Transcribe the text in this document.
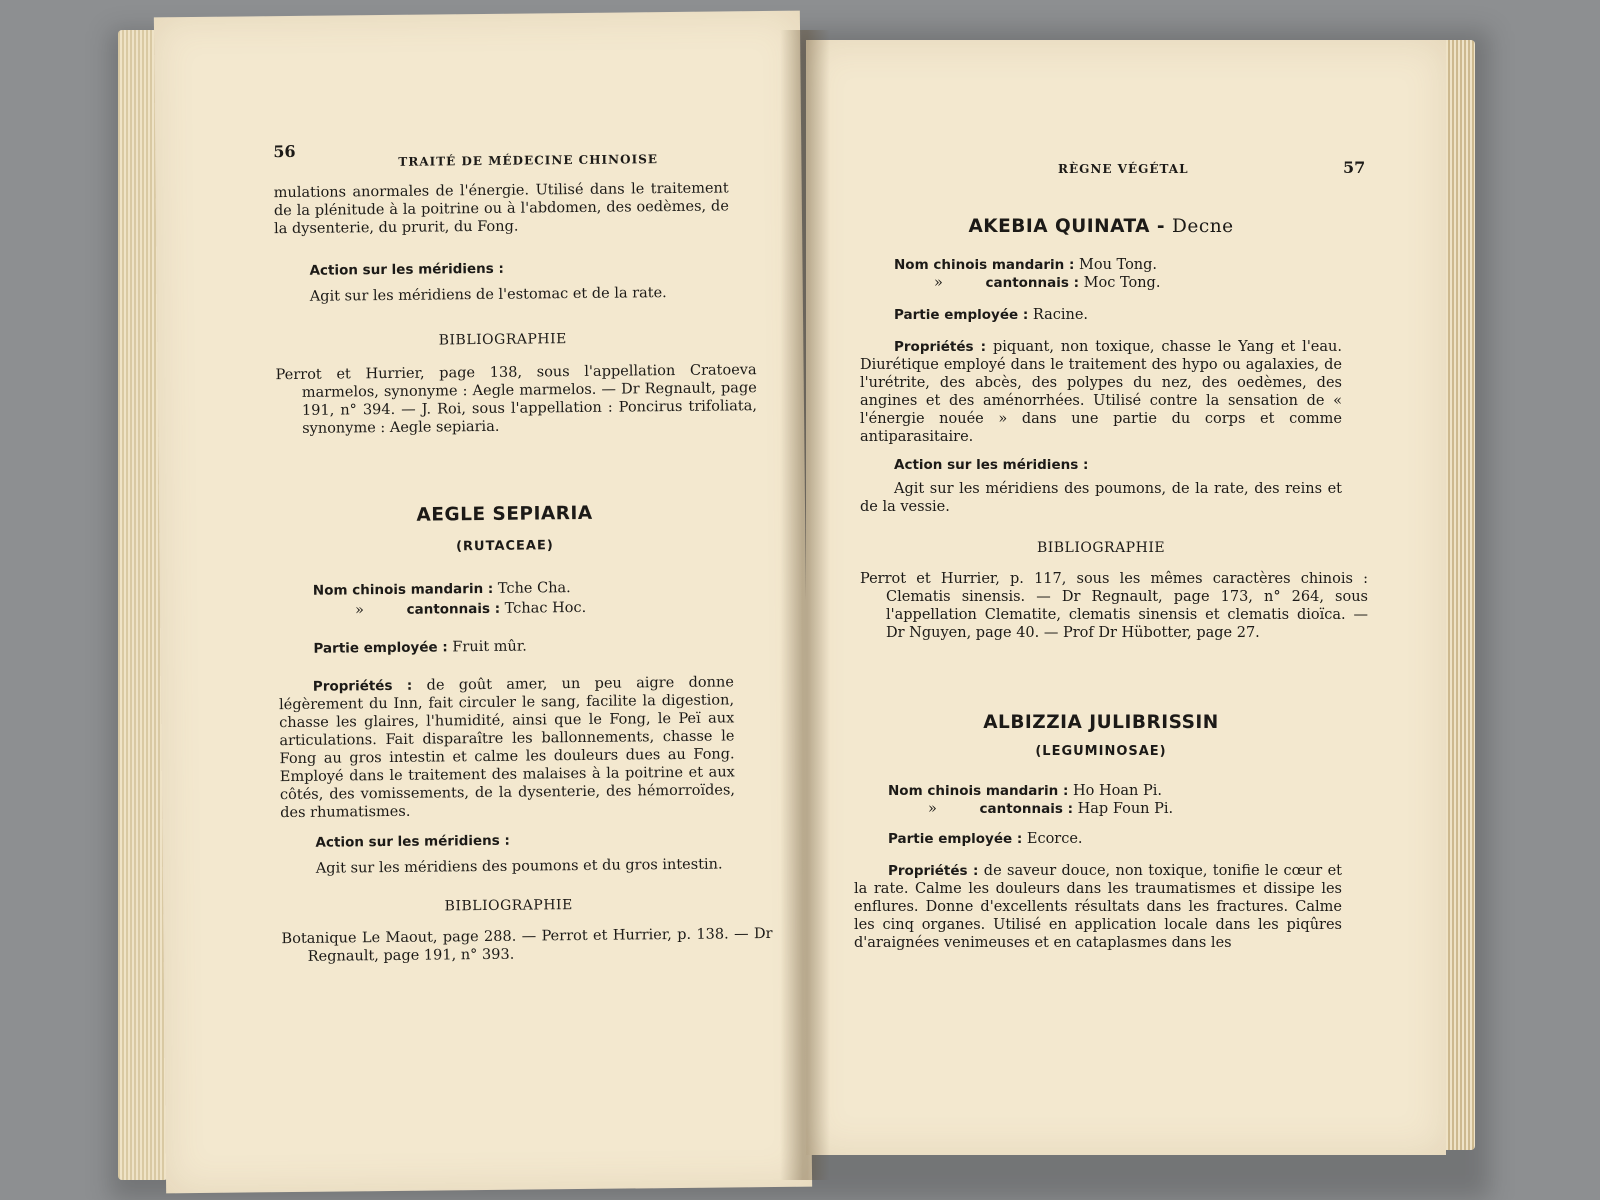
56	TRAITÉ DE MÉDECINE CHINOISE
mulations anormales de l'énergie. Utilisé dans le traitement de la plénitude à la poitrine ou à l'abdomen, des oedèmes, de la dysenterie, du prurit, du Fong.
Action sur les méridiens :
Agit sur les méridiens de l'estomac et de la rate.
BIBLIOGRAPHIE
Perrot et Hurrier, page 138, sous l'appellation Cratoeva marmelos, synonyme : Aegle marmelos. — Dr Regnault, page 191, n° 394. — J. Roi, sous l'appellation : Poncirus trifoliata, synonyme : Aegle sepiaria.
AEGLE SEPIARIA
(RUTACEAE)
Nom chinois mandarin : Tche Cha.
»	cantonnais : Tchac Hoc.
Partie employée : Fruit mûr.
Propriétés : de goût amer, un peu aigre donne légèrement du Inn, fait circuler le sang, facilite la digestion, chasse les glaires, l'humidité, ainsi que le Fong, le Peï aux articulations. Fait disparaître les ballonnements, chasse le Fong au gros intestin et calme les douleurs dues au Fong. Employé dans le traitement des malaises à la poitrine et aux côtés, des vomissements, de la dysenterie, des hémorroïdes, des rhumatismes.
Action sur les méridiens :
Agit sur les méridiens des poumons et du gros intestin.
BIBLIOGRAPHIE
Botanique Le Maout, page 288. — Perrot et Hurrier, p. 138. — Dr Regnault, page 191, n° 393.
RÈGNE VÉGÉTAL	57
AKEBIA QUINATA - Decne
Nom chinois mandarin : Mou Tong.
»	cantonnais : Moc Tong.
Partie employée : Racine.
Propriétés : piquant, non toxique, chasse le Yang et l'eau. Diurétique employé dans le traitement des hypo ou agalaxies, de l'urétrite, des abcès, des polypes du nez, des oedèmes, des angines et des aménorrhées. Utilisé contre la sensation de « l'énergie nouée » dans une partie du corps et comme antiparasitaire.
Action sur les méridiens :
Agit sur les méridiens des poumons, de la rate, des reins et de la vessie.
BIBLIOGRAPHIE
Perrot et Hurrier, p. 117, sous les mêmes caractères chinois : Clematis sinensis. — Dr Regnault, page 173, n° 264, sous l'appellation Clematite, clematis sinensis et clematis dioïca. — Dr Nguyen, page 40. — Prof Dr Hübotter, page 27.
ALBIZZIA JULIBRISSIN
(LEGUMINOSAE)
Nom chinois mandarin : Ho Hoan Pi.
»	cantonnais : Hap Foun Pi.
Partie employée : Ecorce.
Propriétés : de saveur douce, non toxique, tonifie le cœur et la rate. Calme les douleurs dans les traumatismes et dissipe les enflures. Donne d'excellents résultats dans les fractures. Calme les cinq organes. Utilisé en application locale dans les piqûres d'araignées venimeuses et en cataplasmes dans les
